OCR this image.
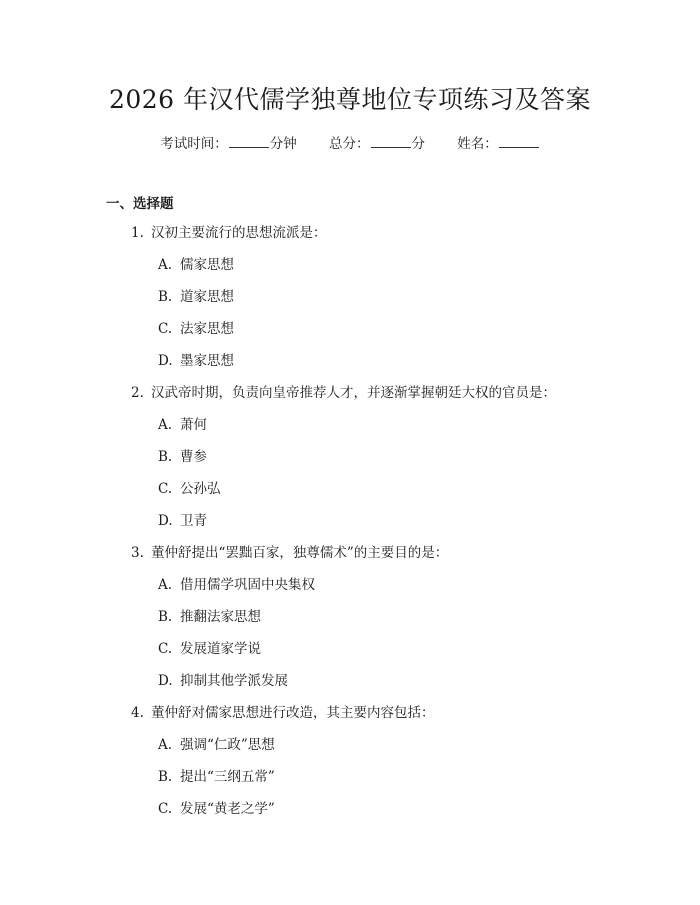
2026 年汉代儒学独尊地位专项练习及答案
考试时间：	分钟 总分：	分 姓名：
一、选择题
1. 汉初主要流行的思想流派是：
A. 儒家思想
B. 道家思想
C. 法家思想
D. 墨家思想
2. 汉武帝时期，负责向皇帝推荐人才，并逐渐掌握朝廷大权的官员是：
A. 萧何
B. 曹参
C. 公孙弘
D. 卫青
3. 董仲舒提出“罢黜百家，独尊儒术”的主要目的是：
A. 借用儒学巩固中央集权
B. 推翻法家思想
C. 发展道家学说
D. 抑制其他学派发展
4. 董仲舒对儒家思想进行改造，其主要内容包括：
A. 强调“仁政”思想
B. 提出“三纲五常”
C. 发展“黄老之学”
